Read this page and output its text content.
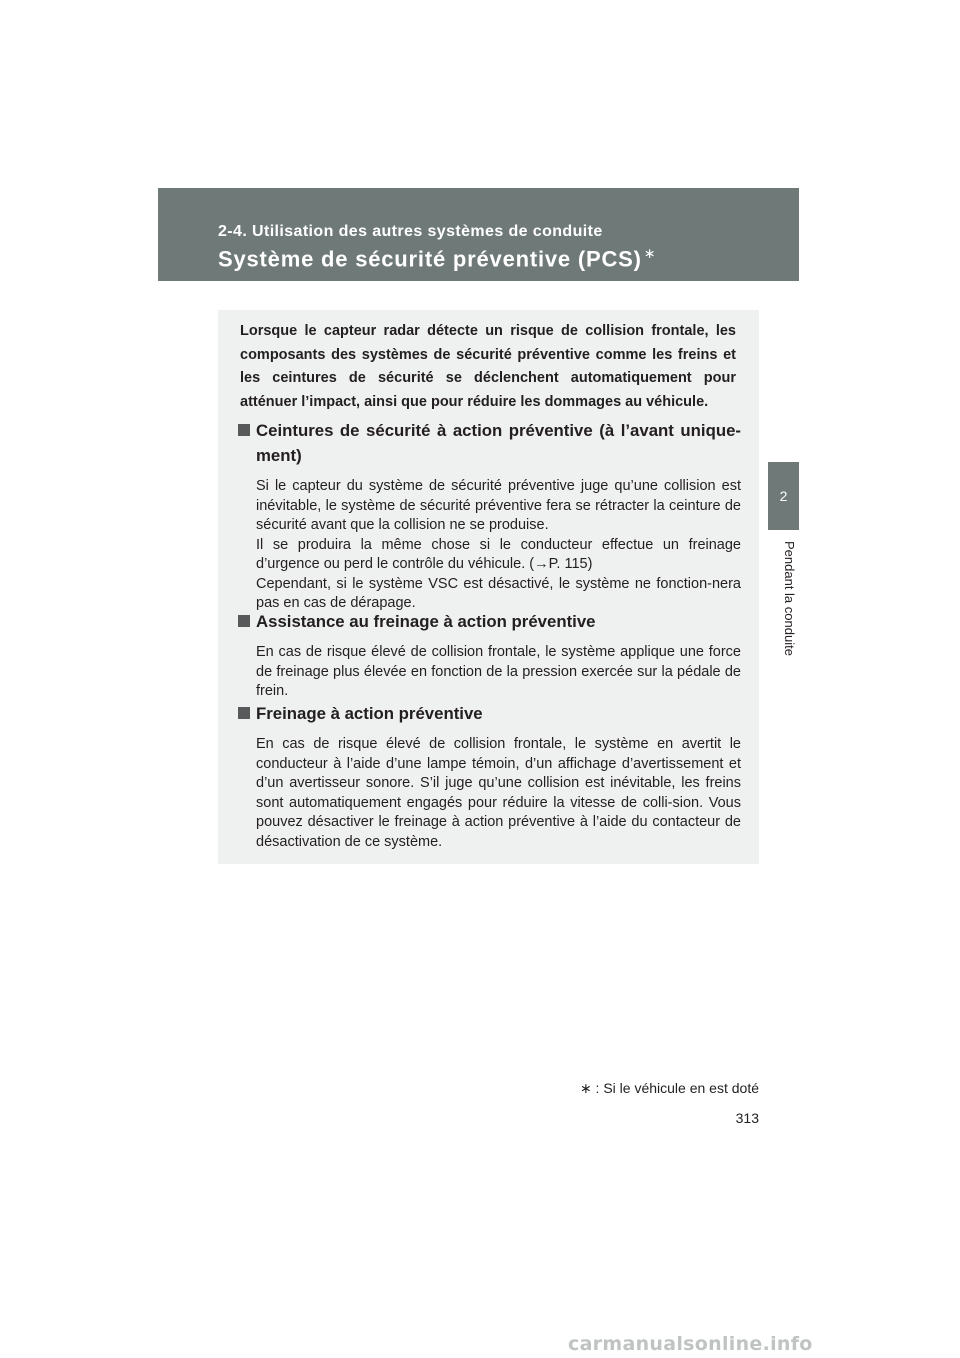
2-4. Utilisation des autres systèmes de conduite
Système de sécurité préventive (PCS) ∗
2
Pendant la conduite
Lorsque le capteur radar détecte un risque de collision frontale, les composants des systèmes de sécurité préventive comme les freins et les ceintures de sécurité se déclenchent automatiquement pour atténuer l’impact, ainsi que pour réduire les dommages au véhicule.
Ceintures de sécurité à action préventive (à l’avant unique-ment)

Si le capteur du système de sécurité préventive juge qu’une collision est inévitable, le système de sécurité préventive fera se rétracter la ceinture de sécurité avant que la collision ne se produise.
Il se produira la même chose si le conducteur effectue un freinage d’urgence ou perd le contrôle du véhicule. (→P. 115)
Cependant, si le système VSC est désactivé, le système ne fonction-nera pas en cas de dérapage.

Assistance au freinage à action préventive

En cas de risque élevé de collision frontale, le système applique une force de freinage plus élevée en fonction de la pression exercée sur la pédale de frein.

Freinage à action préventive

En cas de risque élevé de collision frontale, le système en avertit le conducteur à l’aide d’une lampe témoin, d’un affichage d’avertissement et d’un avertisseur sonore. S’il juge qu’une collision est inévitable, les freins sont automatiquement engagés pour réduire la vitesse de colli-sion. Vous pouvez désactiver le freinage à action préventive à l’aide du contacteur de désactivation de ce système.

∗ : Si le véhicule en est doté
313
carmanualsonline.info
